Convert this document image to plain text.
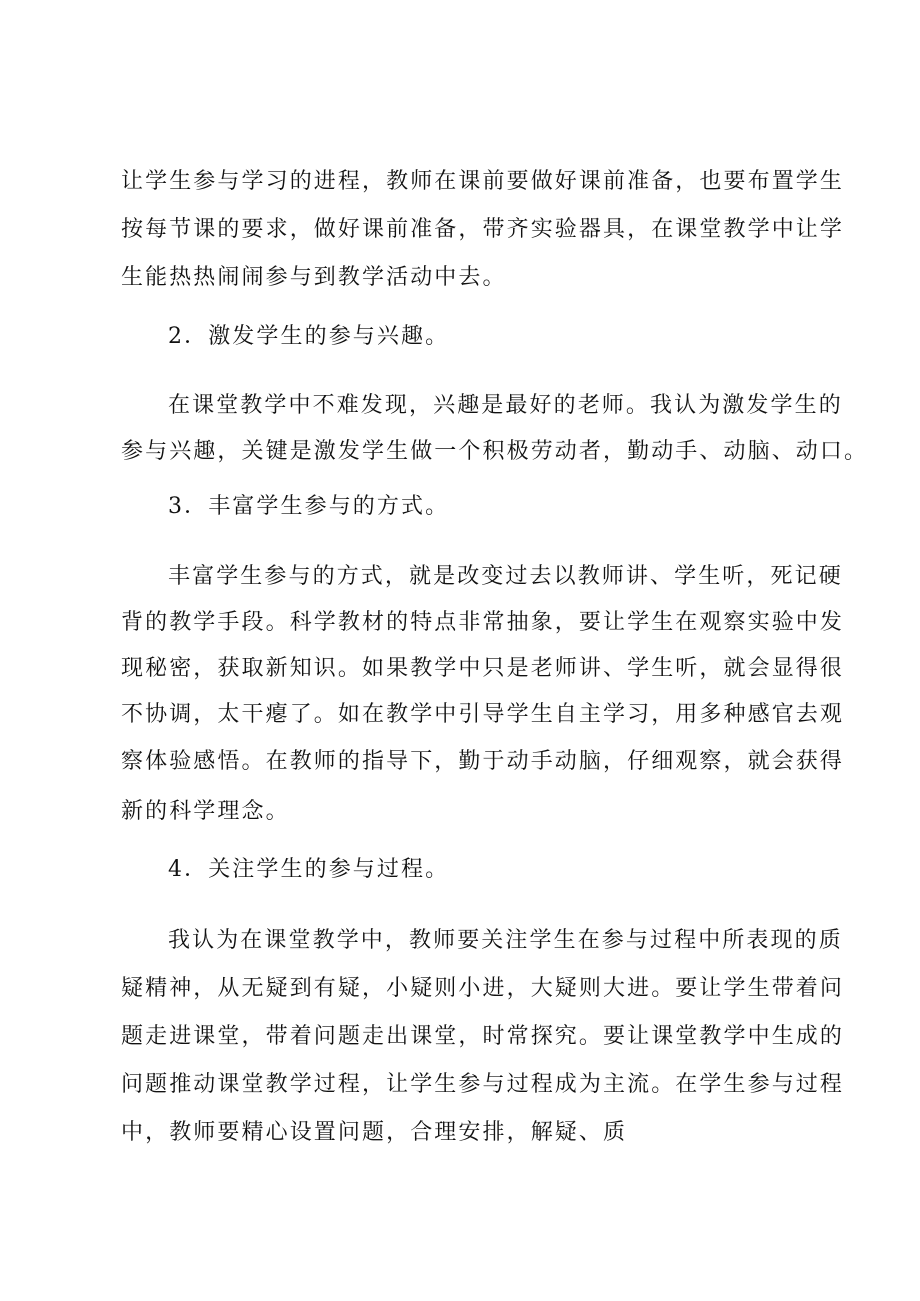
让学生参与学习的进程，教师在课前要做好课前准备，也要布置学生
按每节课的要求，做好课前准备，带齐实验器具，在课堂教学中让学
生能热热闹闹参与到教学活动中去。
2．激发学生的参与兴趣。
在课堂教学中不难发现，兴趣是最好的老师。我认为激发学生的
参与兴趣，关键是激发学生做一个积极劳动者，勤动手、动脑、动口。
3．丰富学生参与的方式。
丰富学生参与的方式，就是改变过去以教师讲、学生听，死记硬
背的教学手段。科学教材的特点非常抽象，要让学生在观察实验中发
现秘密，获取新知识。如果教学中只是老师讲、学生听，就会显得很
不协调，太干瘪了。如在教学中引导学生自主学习，用多种感官去观
察体验感悟。在教师的指导下，勤于动手动脑，仔细观察，就会获得
新的科学理念。
4．关注学生的参与过程。
我认为在课堂教学中，教师要关注学生在参与过程中所表现的质
疑精神，从无疑到有疑，小疑则小进，大疑则大进。要让学生带着问
题走进课堂，带着问题走出课堂，时常探究。要让课堂教学中生成的
问题推动课堂教学过程，让学生参与过程成为主流。在学生参与过程
中，教师要精心设置问题，合理安排，解疑、质
